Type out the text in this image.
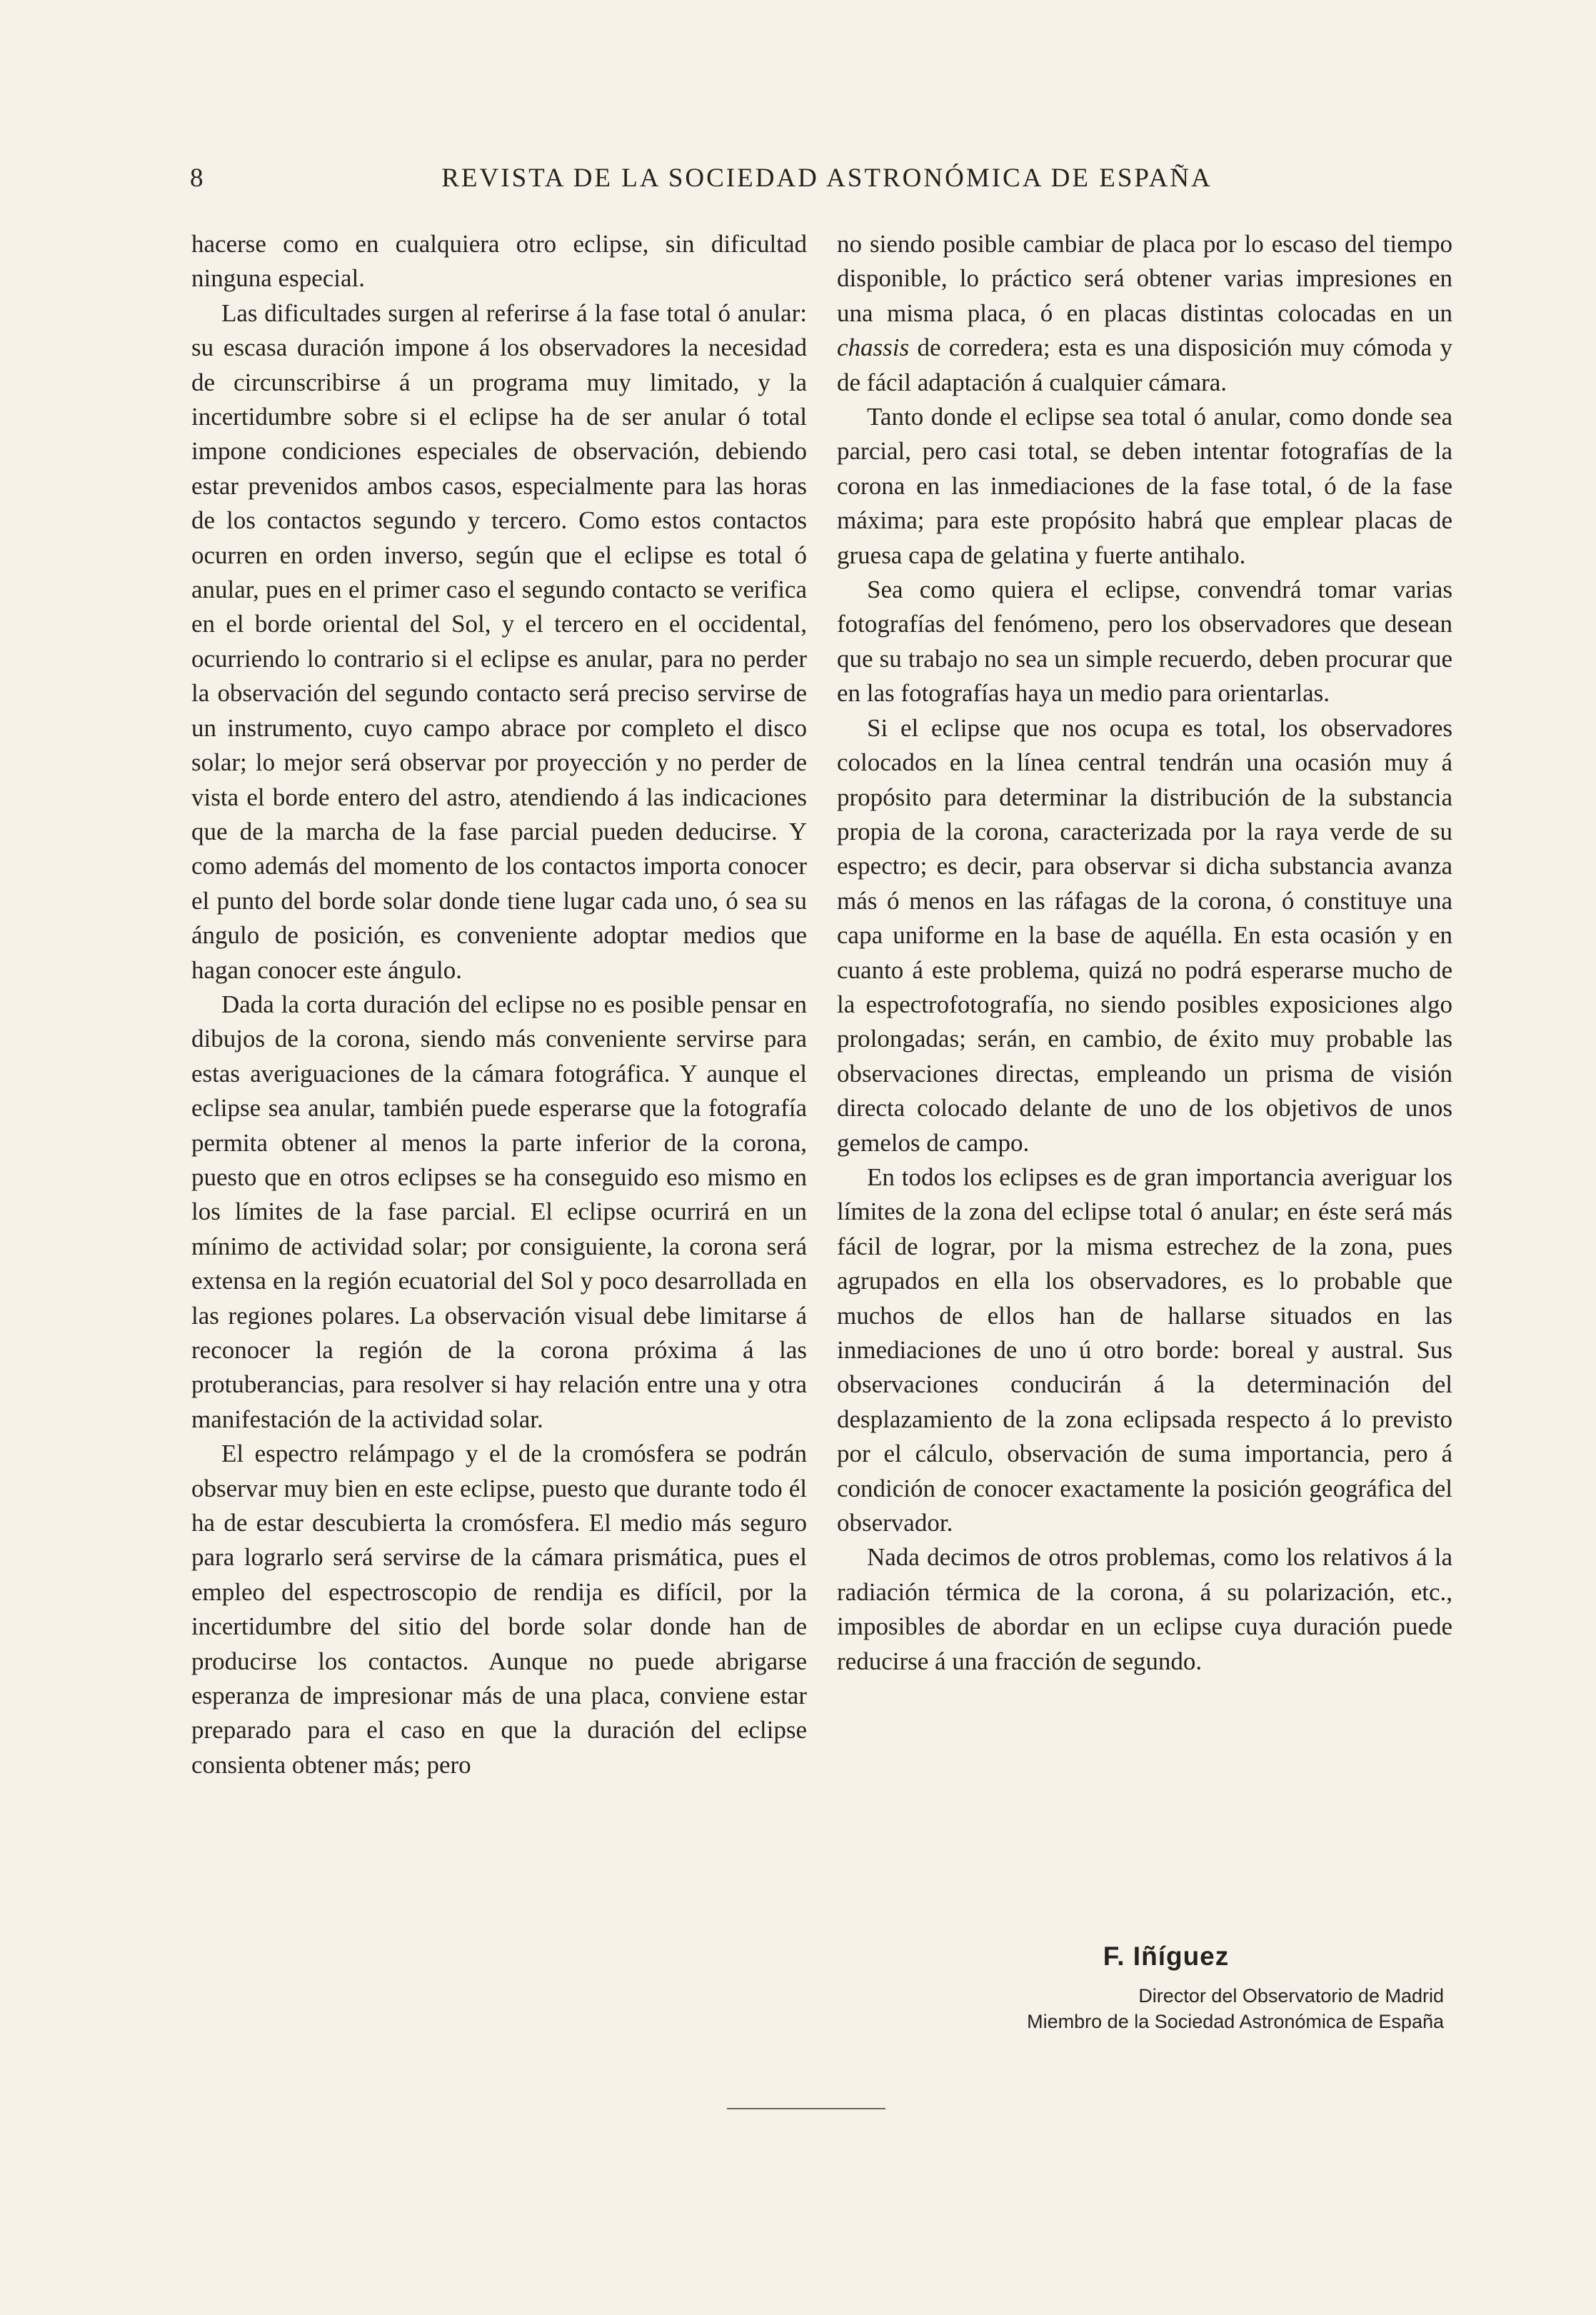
8	REVISTA DE LA SOCIEDAD ASTRONÓMICA DE ESPAÑA

hacerse como en cualquiera otro eclipse, sin dificultad ninguna especial.

Las dificultades surgen al referirse á la fase total ó anular: su escasa duración impone á los observadores la necesidad de circunscribirse á un programa muy limitado, y la incertidumbre sobre si el eclipse ha de ser anular ó total impone condiciones especiales de observación, debiendo estar prevenidos ambos casos, especialmente para las horas de los contactos segundo y tercero. Como estos contactos ocurren en orden inverso, según que el eclipse es total ó anular, pues en el primer caso el segundo contacto se verifica en el borde oriental del Sol, y el tercero en el occidental, ocurriendo lo contrario si el eclipse es anular, para no perder la observación del segundo contacto será preciso servirse de un instrumento, cuyo campo abrace por completo el disco solar; lo mejor será observar por proyección y no perder de vista el borde entero del astro, atendiendo á las indicaciones que de la marcha de la fase parcial pueden deducirse. Y como además del momento de los contactos importa conocer el punto del borde solar donde tiene lugar cada uno, ó sea su ángulo de posición, es conveniente adoptar medios que hagan conocer este ángulo.

Dada la corta duración del eclipse no es posible pensar en dibujos de la corona, siendo más conveniente servirse para estas averiguaciones de la cámara fotográfica. Y aunque el eclipse sea anular, también puede esperarse que la fotografía permita obtener al menos la parte inferior de la corona, puesto que en otros eclipses se ha conseguido eso mismo en los límites de la fase parcial. El eclipse ocurrirá en un mínimo de actividad solar; por consiguiente, la corona será extensa en la región ecuatorial del Sol y poco desarrollada en las regiones polares. La observación visual debe limitarse á reconocer la región de la corona próxima á las protuberancias, para resolver si hay relación entre una y otra manifestación de la actividad solar.

El espectro relámpago y el de la cromósfera se podrán observar muy bien en este eclipse, puesto que durante todo él ha de estar descubierta la cromósfera. El medio más seguro para lograrlo será servirse de la cámara prismática, pues el empleo del espectroscopio de rendija es difícil, por la incertidumbre del sitio del borde solar donde han de producirse los contactos. Aunque no puede abrigarse esperanza de impresionar más de una placa, conviene estar preparado para el caso en que la duración del eclipse consienta obtener más; pero

no siendo posible cambiar de placa por lo escaso del tiempo disponible, lo práctico será obtener varias impresiones en una misma placa, ó en placas distintas colocadas en un chassis de corredera; esta es una disposición muy cómoda y de fácil adaptación á cualquier cámara.

Tanto donde el eclipse sea total ó anular, como donde sea parcial, pero casi total, se deben intentar fotografías de la corona en las inmediaciones de la fase total, ó de la fase máxima; para este propósito habrá que emplear placas de gruesa capa de gelatina y fuerte antihalo.

Sea como quiera el eclipse, convendrá tomar varias fotografías del fenómeno, pero los observadores que desean que su trabajo no sea un simple recuerdo, deben procurar que en las fotografías haya un medio para orientarlas.

Si el eclipse que nos ocupa es total, los observadores colocados en la línea central tendrán una ocasión muy á propósito para determinar la distribución de la substancia propia de la corona, caracterizada por la raya verde de su espectro; es decir, para observar si dicha substancia avanza más ó menos en las ráfagas de la corona, ó constituye una capa uniforme en la base de aquélla. En esta ocasión y en cuanto á este problema, quizá no podrá esperarse mucho de la espectrofotografía, no siendo posibles exposiciones algo prolongadas; serán, en cambio, de éxito muy probable las observaciones directas, empleando un prisma de visión directa colocado delante de uno de los objetivos de unos gemelos de campo.

En todos los eclipses es de gran importancia averiguar los límites de la zona del eclipse total ó anular; en éste será más fácil de lograr, por la misma estrechez de la zona, pues agrupados en ella los observadores, es lo probable que muchos de ellos han de hallarse situados en las inmediaciones de uno ú otro borde: boreal y austral. Sus observaciones conducirán á la determinación del desplazamiento de la zona eclipsada respecto á lo previsto por el cálculo, observación de suma importancia, pero á condición de conocer exactamente la posición geográfica del observador.

Nada decimos de otros problemas, como los relativos á la radiación térmica de la corona, á su polarización, etc., imposibles de abordar en un eclipse cuya duración puede reducirse á una fracción de segundo.

F. Iñíguez
Director del Observatorio de Madrid
Miembro de la Sociedad Astronómica de España
